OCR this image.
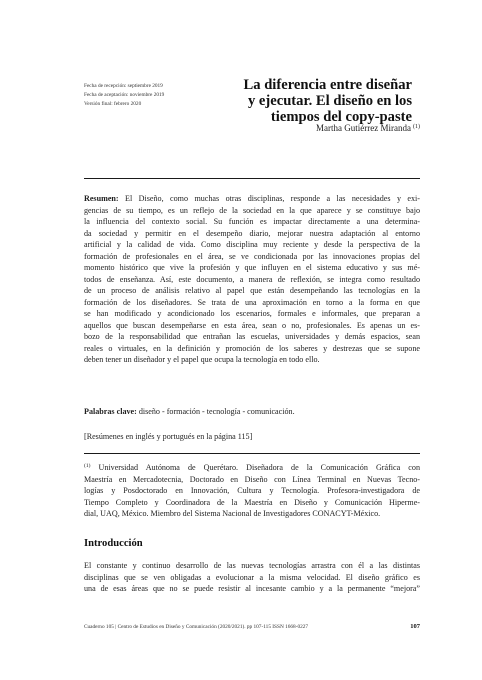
Fecha de recepción: septiembre 2019
Fecha de aceptación: noviembre 2019
Versión final: febrero 2020
La diferencia entre diseñar
y ejecutar. El diseño en los
tiempos del copy-paste
Martha Gutiérrez Miranda $^{(1)}$
Resumen: El Diseño, como muchas otras disciplinas, responde a las necesidades y exi-
gencias de su tiempo, es un reflejo de la sociedad en la que aparece y se constituye bajo
la influencia del contexto social. Su función es impactar directamente a una determina-
da sociedad y permitir en el desempeño diario, mejorar nuestra adaptación al entorno
artificial y la calidad de vida. Como disciplina muy reciente y desde la perspectiva de la
formación de profesionales en el área, se ve condicionada por las innovaciones propias del
momento histórico que vive la profesión y que influyen en el sistema educativo y sus mé-
todos de enseñanza. Así, este documento, a manera de reflexión, se integra como resultado
de un proceso de análisis relativo al papel que están desempeñando las tecnologías en la
formación de los diseñadores. Se trata de una aproximación en torno a la forma en que
se han modificado y acondicionado los escenarios, formales e informales, que preparan a
aquellos que buscan desempeñarse en esta área, sean o no, profesionales. Es apenas un es-
bozo de la responsabilidad que entrañan las escuelas, universidades y demás espacios, sean
reales o virtuales, en la definición y promoción de los saberes y destrezas que se supone
deben tener un diseñador y el papel que ocupa la tecnología en todo ello.
Palabras clave: diseño - formación - tecnología - comunicación.
[Resúmenes en inglés y portugués en la página 115]
$^{(1)}$ Universidad Autónoma de Querétaro. Diseñadora de la Comunicación Gráfica con
Maestría en Mercadotecnia, Doctorado en Diseño con Línea Terminal en Nuevas Tecno-
logías y Posdoctorado en Innovación, Cultura y Tecnología. Profesora-investigadora de
Tiempo Completo y Coordinadora de la Maestría en Diseño y Comunicación Hiperme-
dial, UAQ, México. Miembro del Sistema Nacional de Investigadores CONACYT-México.
Introducción
El constante y continuo desarrollo de las nuevas tecnologías arrastra con él a las distintas
disciplinas que se ven obligadas a evolucionar a la misma velocidad. El diseño gráfico es
una de esas áreas que no se puede resistir al incesante cambio y a la permanente “mejora”
Cuaderno 105 | Centro de Estudios en Diseño y Comunicación (2020/2021). pp 107-115 ISSN 1668-0227	107
